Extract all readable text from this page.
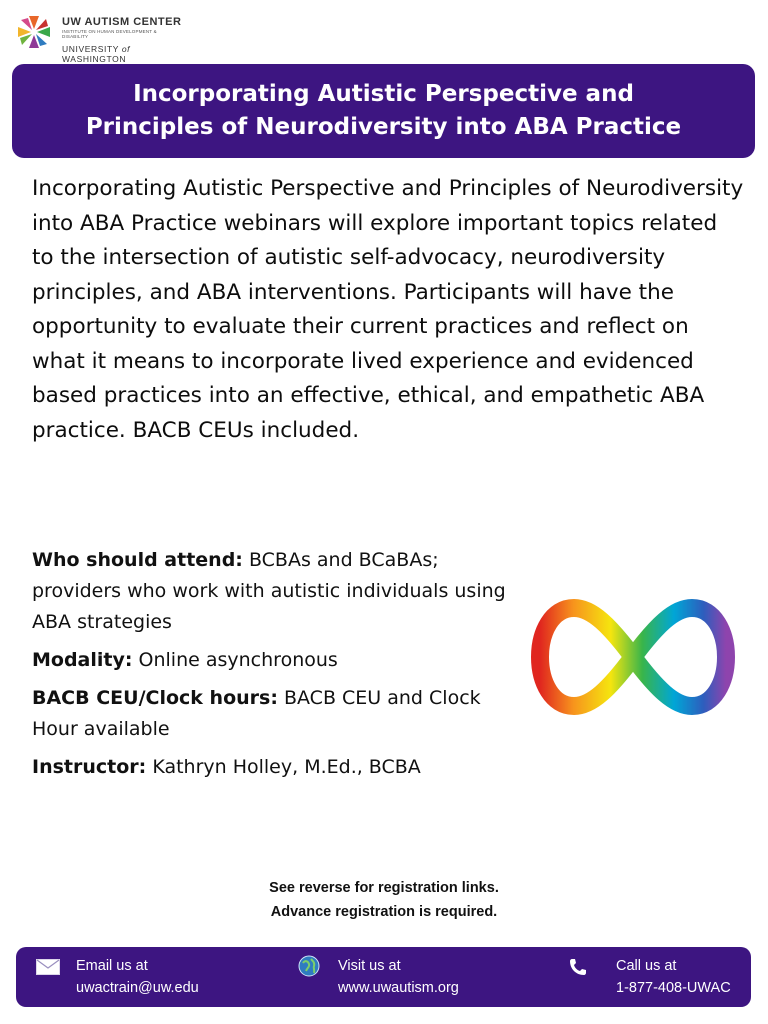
UW AUTISM CENTER
INSTITUTE ON HUMAN DEVELOPMENT & DISABILITY
UNIVERSITY of WASHINGTON
Incorporating Autistic Perspective and Principles of Neurodiversity into ABA Practice
Incorporating Autistic Perspective and Principles of Neurodiversity into ABA Practice webinars will explore important topics related to the intersection of autistic self-advocacy, neurodiversity principles, and ABA interventions. Participants will have the opportunity to evaluate their current practices and reflect on what it means to incorporate lived experience and evidenced based practices into an effective, ethical, and empathetic ABA practice. BACB CEUs included.

Who should attend: BCBAs and BCaBAs; providers who work with autistic individuals using ABA strategies

Modality: Online asynchronous

BACB CEU/Clock hours: BACB CEU and Clock Hour available

Instructor: Kathryn Holley, M.Ed., BCBA

See reverse for registration links.
Advance registration is required.
Email us at
uwactrain@uw.edu
Visit us at
www.uwautism.org
Call us at
1-877-408-UWAC
